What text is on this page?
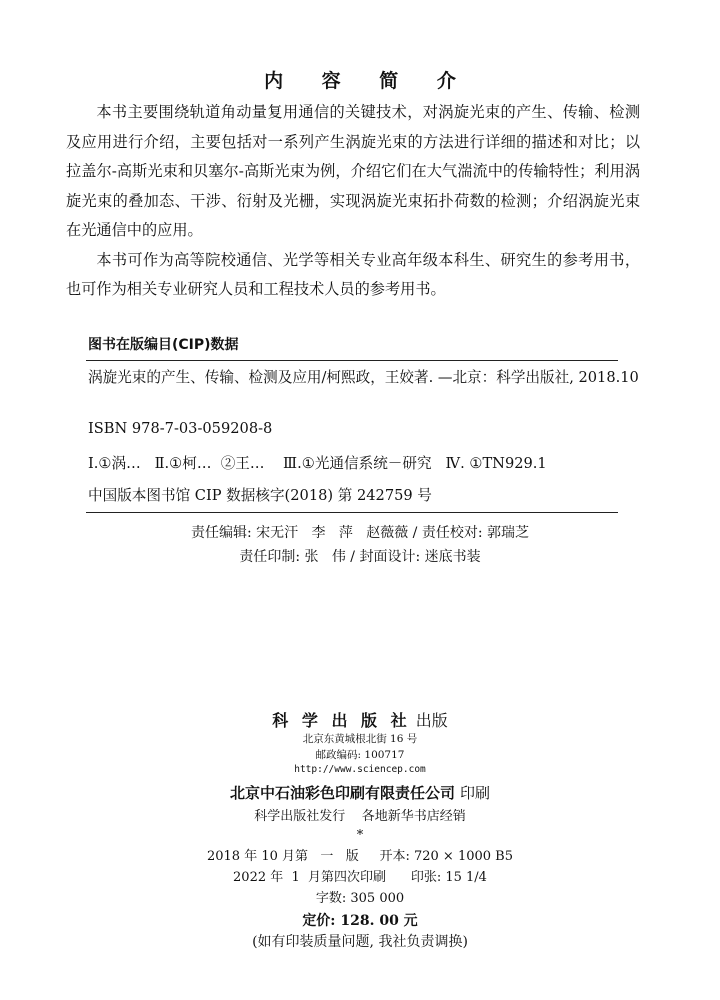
内 容 简 介

本书主要围绕轨道角动量复用通信的关键技术，对涡旋光束的产生、传输、检测及应用进行介绍，主要包括对一系列产生涡旋光束的方法进行详细的描述和对比；以拉盖尔-高斯光束和贝塞尔-高斯光束为例，介绍它们在大气湍流中的传输特性；利用涡旋光束的叠加态、干涉、衍射及光栅，实现涡旋光束拓扑荷数的检测；介绍涡旋光束在光通信中的应用。

本书可作为高等院校通信、光学等相关专业高年级本科生、研究生的参考用书，也可作为相关专业研究人员和工程技术人员的参考用书。

图书在版编目(CIP)数据
涡旋光束的产生、传输、检测及应用/柯熙政，王姣著. —北京：科学出版社, 2018.10
ISBN 978-7-03-059208-8
Ⅰ.①涡…   Ⅱ.①柯…  ②王…    Ⅲ.①光通信系统－研究   Ⅳ. ①TN929.1
中国版本图书馆 CIP 数据核字(2018) 第 242759 号
责任编辑: 宋无汗   李   萍   赵薇薇 / 责任校对: 郭瑞芝
责任印制: 张   伟 / 封面设计: 迷底书装
科 学 出 版 社 出版
北京东黄城根北街 16 号
邮政编码: 100717
http://www.sciencep.com
北京中石油彩色印刷有限责任公司 印刷
科学出版社发行    各地新华书店经销
*
2018 年 10 月第   一   版     开本: 720 × 1000 B5
2022 年  1  月第四次印刷      印张: 15 1/4
字数: 305 000
定价: 128. 00 元
(如有印装质量问题, 我社负责调换)
